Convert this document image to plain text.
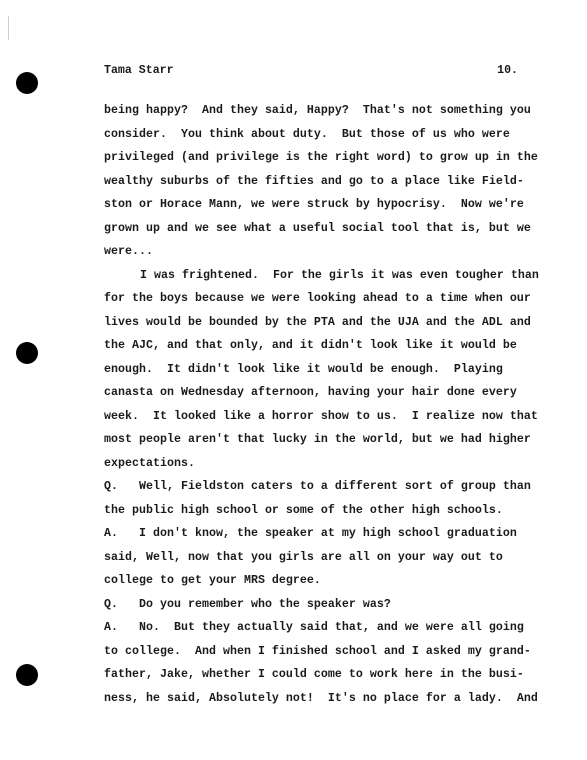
Tama Starr	10.
being happy?  And they said, Happy?  That's not something you
consider.  You think about duty.  But those of us who were
privileged (and privilege is the right word) to grow up in the
wealthy suburbs of the fifties and go to a place like Field-
ston or Horace Mann, we were struck by hypocrisy.  Now we're
grown up and we see what a useful social tool that is, but we
were...
I was frightened.  For the girls it was even tougher than
for the boys because we were looking ahead to a time when our
lives would be bounded by the PTA and the UJA and the ADL and
the AJC, and that only, and it didn't look like it would be
enough.  It didn't look like it would be enough.  Playing
canasta on Wednesday afternoon, having your hair done every
week.  It looked like a horror show to us.  I realize now that
most people aren't that lucky in the world, but we had higher
expectations.
Q.   Well, Fieldston caters to a different sort of group than
the public high school or some of the other high schools.
A.   I don't know, the speaker at my high school graduation
said, Well, now that you girls are all on your way out to
college to get your MRS degree.
Q.   Do you remember who the speaker was?
A.   No.  But they actually said that, and we were all going
to college.  And when I finished school and I asked my grand-
father, Jake, whether I could come to work here in the busi-
ness, he said, Absolutely not!  It's no place for a lady.  And
